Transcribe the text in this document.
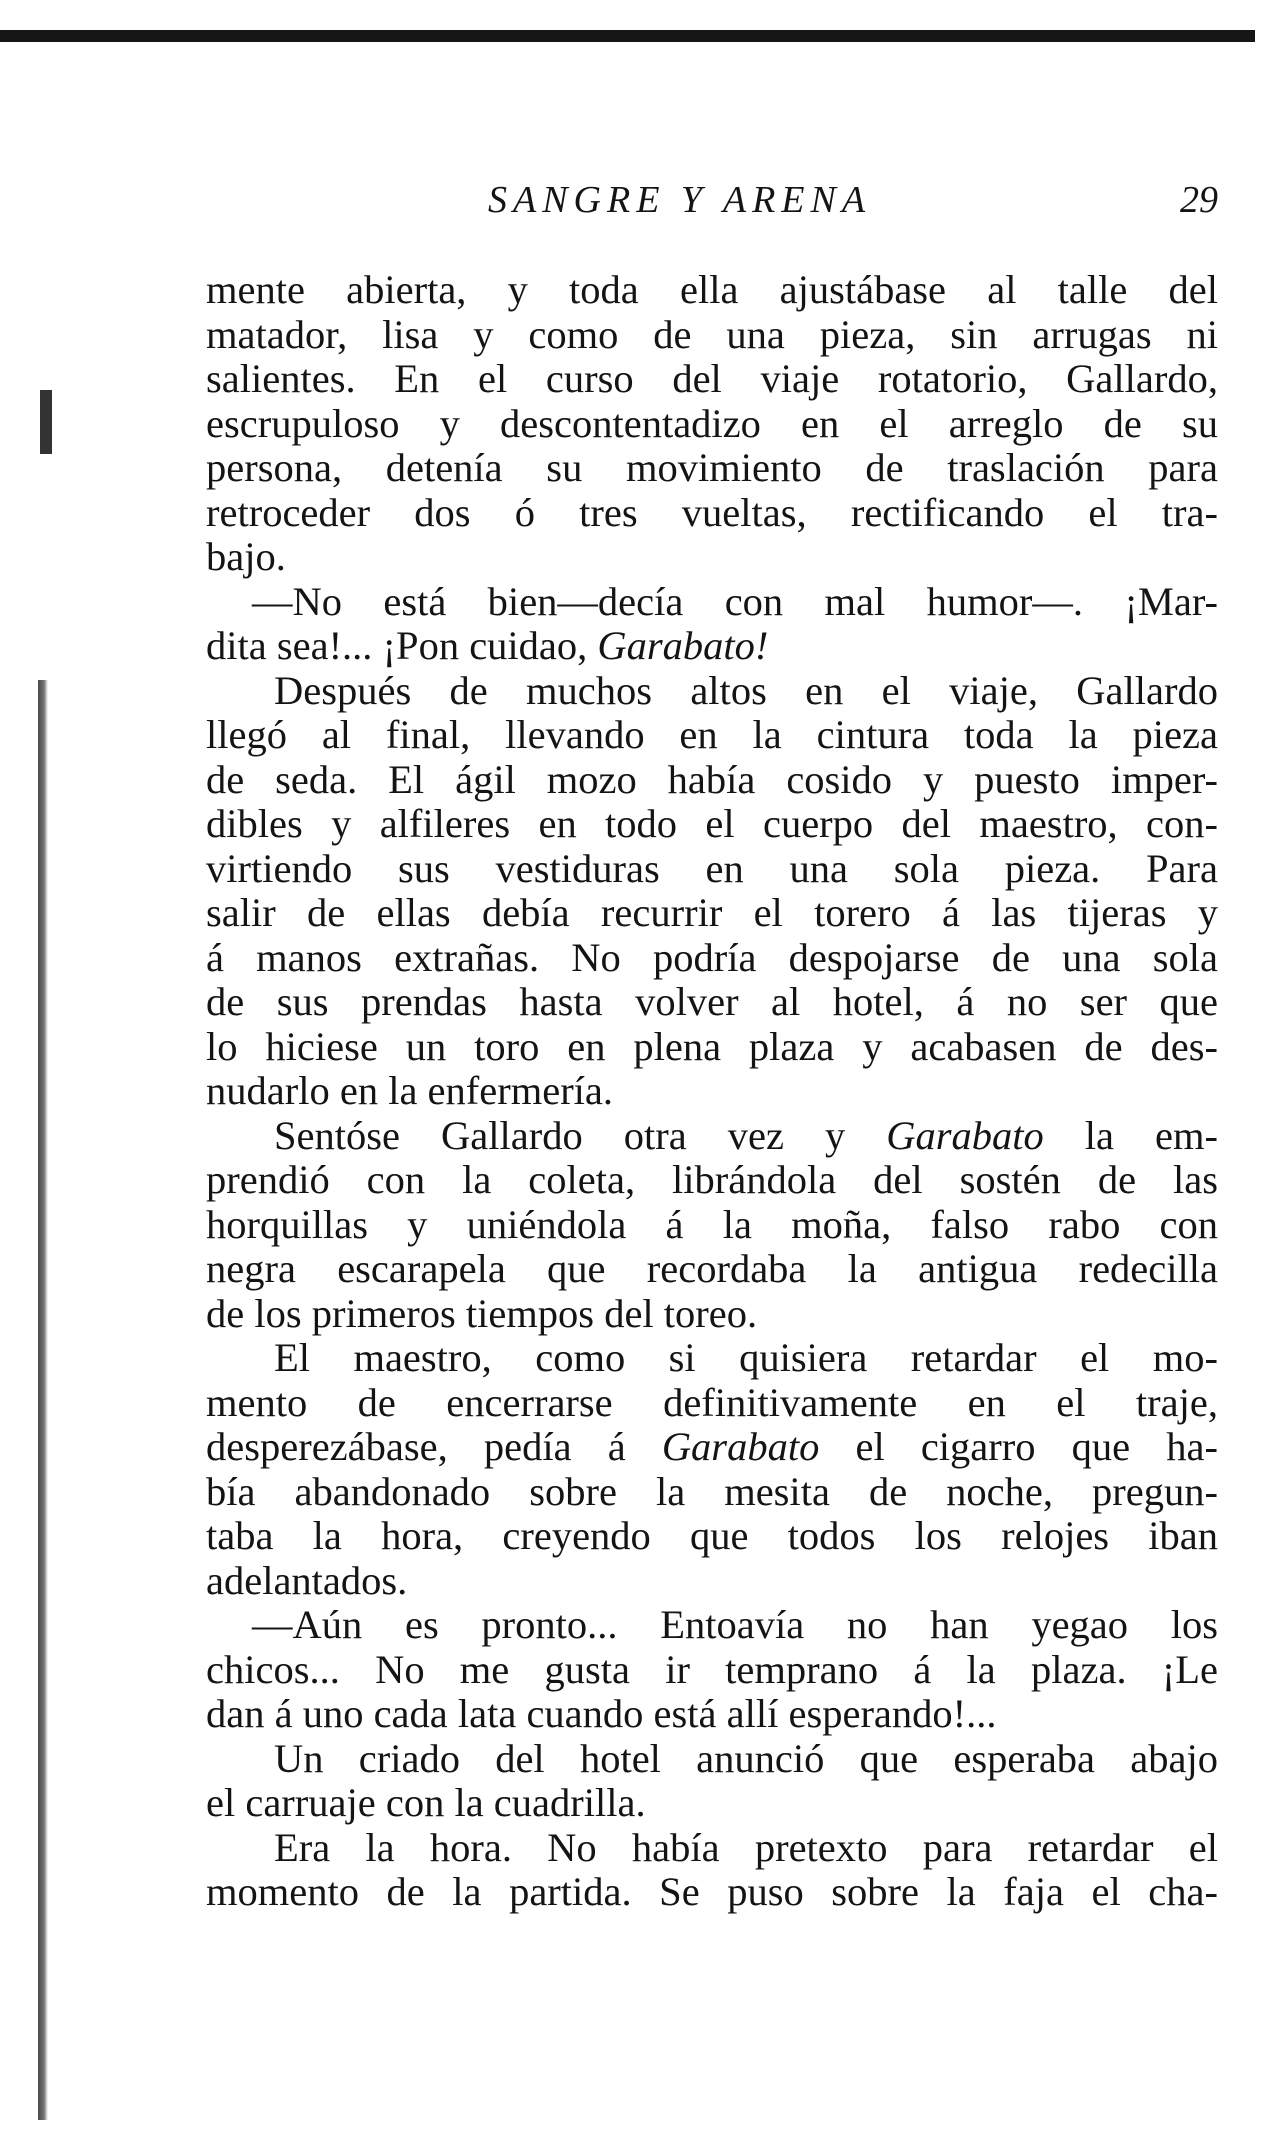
SANGRE Y ARENA	29
mente abierta, y toda ella ajustábase al talle del
matador, lisa y como de una pieza, sin arrugas ni
salientes. En el curso del viaje rotatorio, Gallardo,
escrupuloso y descontentadizo en el arreglo de su
persona, detenía su movimiento de traslación para
retroceder dos ó tres vueltas, rectificando el tra-
bajo.
—No está bien—decía con mal humor—. ¡Mar-
dita sea!... ¡Pon cuidao, Garabato!
Después de muchos altos en el viaje, Gallardo
llegó al final, llevando en la cintura toda la pieza
de seda. El ágil mozo había cosido y puesto imper-
dibles y alfileres en todo el cuerpo del maestro, con-
virtiendo sus vestiduras en una sola pieza. Para
salir de ellas debía recurrir el torero á las tijeras y
á manos extrañas. No podría despojarse de una sola
de sus prendas hasta volver al hotel, á no ser que
lo hiciese un toro en plena plaza y acabasen de des-
nudarlo en la enfermería.
Sentóse Gallardo otra vez y Garabato la em-
prendió con la coleta, librándola del sostén de las
horquillas y uniéndola á la moña, falso rabo con
negra escarapela que recordaba la antigua redecilla
de los primeros tiempos del toreo.
El maestro, como si quisiera retardar el mo-
mento de encerrarse definitivamente en el traje,
desperezábase, pedía á Garabato el cigarro que ha-
bía abandonado sobre la mesita de noche, pregun-
taba la hora, creyendo que todos los relojes iban
adelantados.
—Aún es pronto... Entoavía no han yegao los
chicos... No me gusta ir temprano á la plaza. ¡Le
dan á uno cada lata cuando está allí esperando!...
Un criado del hotel anunció que esperaba abajo
el carruaje con la cuadrilla.
Era la hora. No había pretexto para retardar el
momento de la partida. Se puso sobre la faja el cha-
